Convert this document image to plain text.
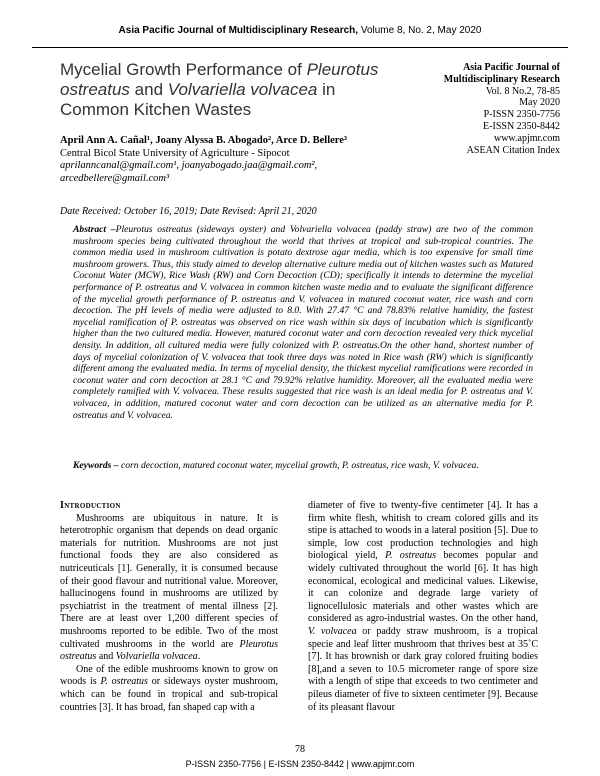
Asia Pacific Journal of Multidisciplinary Research, Volume 8, No. 2, May 2020
Mycelial Growth Performance of Pleurotus ostreatus and Volvariella volvacea in Common Kitchen Wastes
Asia Pacific Journal of Multidisciplinary Research
Vol. 8 No.2, 78-85
May 2020
P-ISSN 2350-7756
E-ISSN 2350-8442
www.apjmr.com
ASEAN Citation Index
April Ann A. Cañal¹, Joany Alyssa B. Abogado², Arce D. Bellere³
Central Bicol State University of Agriculture - Sipocot
aprilanncanal@gmail.com¹, joanyabogado.jaa@gmail.com²,
arcedbellere@gmail.com³
Date Received: October 16, 2019; Date Revised: April 21, 2020
Abstract –Pleurotus ostreatus (sideways oyster) and Volvariella volvacea (paddy straw) are two of the common mushroom species being cultivated throughout the world that thrives at tropical and sub-tropical countries. The common media used in mushroom cultivation is potato dextrose agar media, which is too expensive for small time mushroom growers. Thus, this study aimed to develop alternative culture media out of kitchen wastes such as Matured Coconut Water (MCW), Rice Wash (RW) and Corn Decoction (CD); specifically it intends to determine the mycelial performance of P. ostreatus and V. volvacea in common kitchen waste media and to evaluate the significant difference of the mycelial growth performance of P. ostreatus and V. volvacea in matured coconut water, rice wash and corn decoction. The pH levels of media were adjusted to 8.0. With 27.47 °C and 78.83% relative humidity, the fastest mycelial ramification of P. ostreatus was observed on rice wash within six days of incubation which is significantly higher than the two cultured media. However, matured coconut water and corn decoction revealed very thick mycelial density. In addition, all cultured media were fully colonized with P. ostreatus.On the other hand, shortest number of days of mycelial colonization of V. volvacea that took three days was noted in Rice wash (RW) which is significantly different among the evaluated media. In terms of mycelial density, the thickest mycelial ramifications were recorded in coconut water and corn decoction at 28.1 °C and 79.92% relative humidity. Moreover, all the evaluated media were completely ramified with V. volvacea. These results suggested that rice wash is an ideal media for P. ostreatus and V. volvacea, in addition, matured coconut water and corn decoction can be utilized as an alternative media for P. ostreatus and V. volvacea.
Keywords – corn decoction, matured coconut water, mycelial growth, P. ostreatus, rice wash, V. volvacea.
Introduction
Mushrooms are ubiquitous in nature. It is heterotrophic organism that depends on dead organic materials for nutrition. Mushrooms are not just functional foods they are also considered as nutriceuticals [1]. Generally, it is consumed because of their good flavour and nutritional value. Moreover, hallucinogens found in mushrooms are utilized by psychiatrist in the treatment of mental illness [2]. There are at least over 1,200 different species of mushrooms reported to be edible. Two of the most cultivated mushrooms in the world are Pleurotus ostreatus and Volvariella volvacea.
One of the edible mushrooms known to grow on woods is P. ostreatus or sideways oyster mushroom, which can be found in tropical and sub-tropical countries [3]. It has broad, fan shaped cap with a
diameter of five to twenty-five centimeter [4]. It has a firm white flesh, whitish to cream colored gills and its stipe is attached to woods in a lateral position [5]. Due to simple, low cost production technologies and high biological yield, P. ostreatus becomes popular and widely cultivated throughout the world [6]. It has high economical, ecological and medicinal values. Likewise, it can colonize and degrade large variety of lignocellulosic materials and other wastes which are considered as agro-industrial wastes. On the other hand, V. volvacea or paddy straw mushroom, is a tropical specie and leaf litter mushroom that thrives best at 35˚C [7]. It has brownish or dark gray colored fruiting bodies [8],and a seven to 10.5 micrometer range of spore size with a length of stipe that exceeds to two centimeter and pileus diameter of five to sixteen centimeter [9]. Because of its pleasant flavour
78
P-ISSN 2350-7756 | E-ISSN 2350-8442 | www.apjmr.com
